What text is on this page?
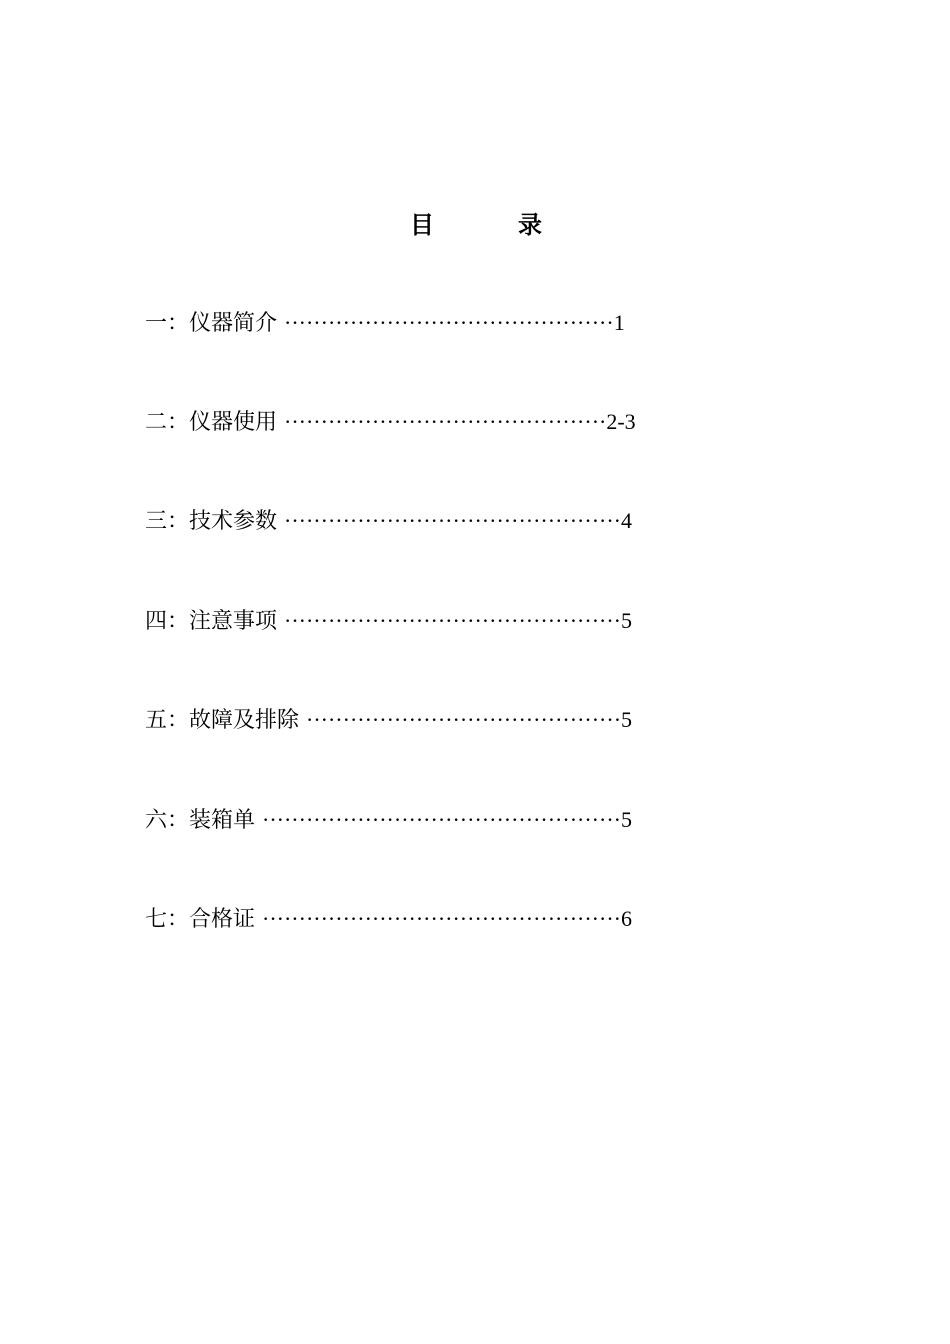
目	录
一：仪器简介 ·············································1
二：仪器使用 ············································2-3
三：技术参数 ··············································4
四：注意事项 ··············································5
五：故障及排除 ···········································5
六：装箱单 ·················································5
七：合格证 ·················································6
